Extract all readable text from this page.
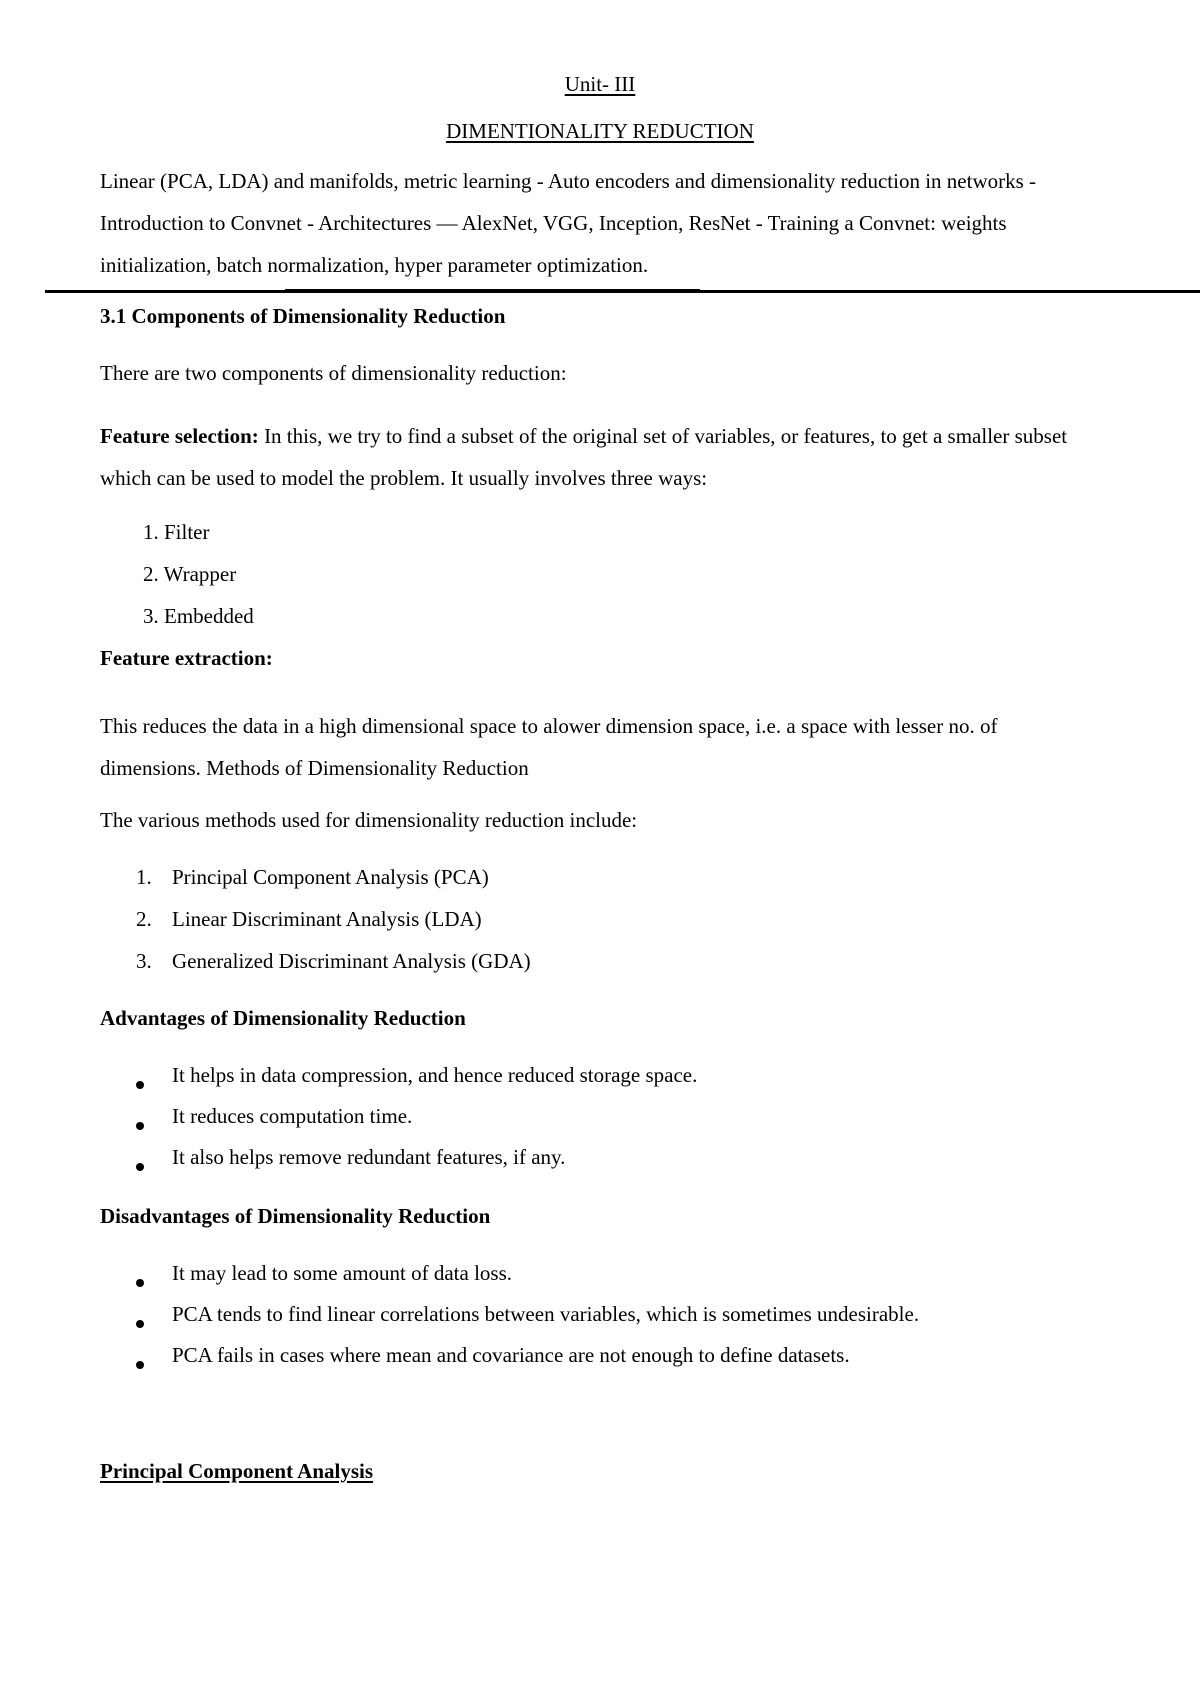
Unit- III
DIMENTIONALITY REDUCTION
Linear (PCA, LDA) and manifolds, metric learning - Auto encoders and dimensionality reduction in networks - Introduction to Convnet - Architectures — AlexNet, VGG, Inception, ResNet - Training a Convnet: weights initialization, batch normalization, hyper parameter optimization.
3.1 Components of Dimensionality Reduction
There are two components of dimensionality reduction:
Feature selection: In this, we try to find a subset of the original set of variables, or features, to get a smaller subset which can be used to model the problem. It usually involves three ways:
1. Filter
2. Wrapper
3. Embedded
Feature extraction:
This reduces the data in a high dimensional space to alower dimension space, i.e. a space with lesser no. of dimensions. Methods of Dimensionality Reduction
The various methods used for dimensionality reduction include:
1. Principal Component Analysis (PCA)
2. Linear Discriminant Analysis (LDA)
3. Generalized Discriminant Analysis (GDA)
Advantages of Dimensionality Reduction
It helps in data compression, and hence reduced storage space.
It reduces computation time.
It also helps remove redundant features, if any.
Disadvantages of Dimensionality Reduction
It may lead to some amount of data loss.
PCA tends to find linear correlations between variables, which is sometimes undesirable.
PCA fails in cases where mean and covariance are not enough to define datasets.
Principal Component Analysis
